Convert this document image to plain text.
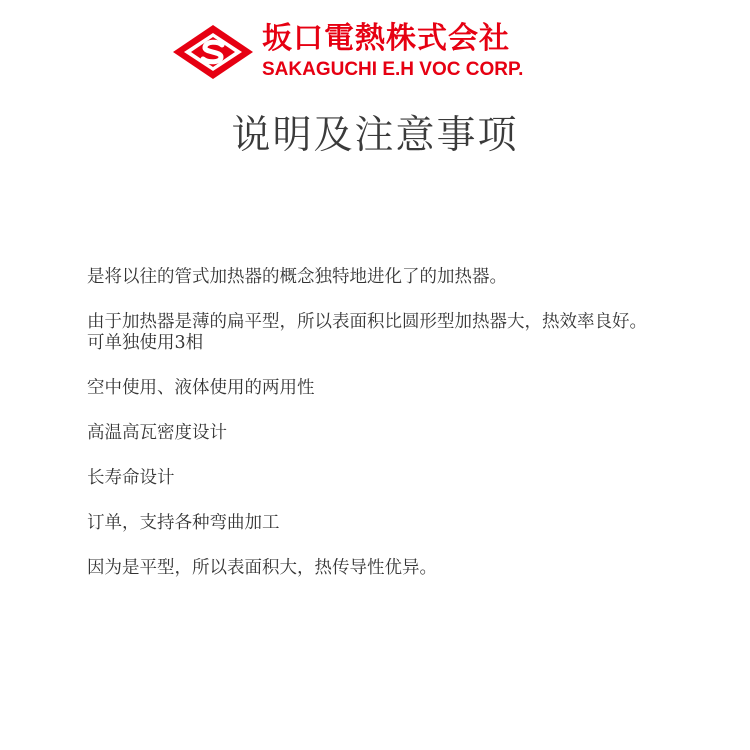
坂口電熱株式会社
SAKAGUCHI E.H VOC CORP.
说明及注意事项
是将以往的管式加热器的概念独特地进化了的加热器。
由于加热器是薄的扁平型，所以表面积比圆形型加热器大，热效率良好。
可单独使用3相
空中使用、液体使用的两用性
高温高瓦密度设计
长寿命设计
订单，支持各种弯曲加工
因为是平型，所以表面积大，热传导性优异。
